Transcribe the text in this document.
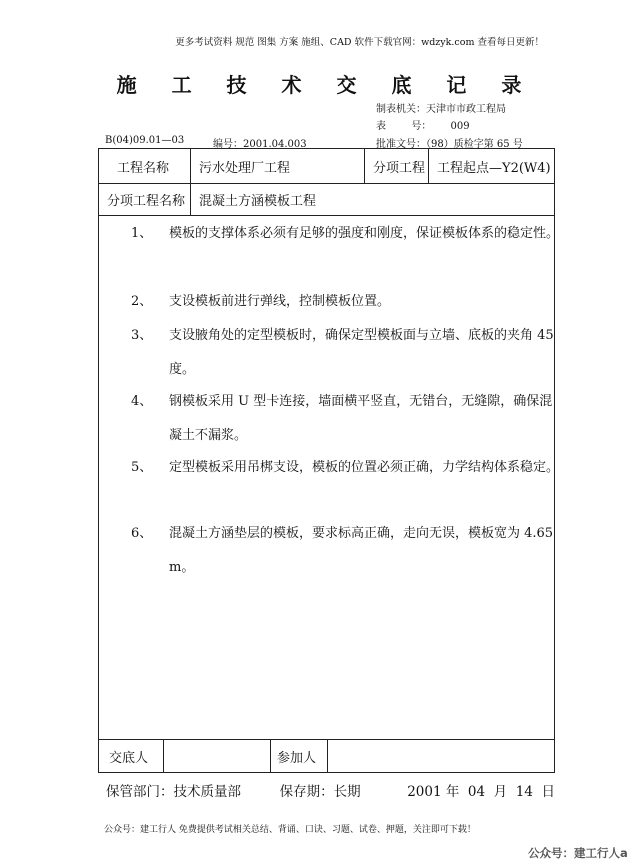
更多考试资料 规范 图集 方案 施组、CAD 软件下载官网：wdzyk.com 查看每日更新！
施 工 技 术 交 底 记 录
制表机关：天津市市政工程局
表        号：      009
B(04)09.01—03	编号：2001.04.003	批准文号：（98）质检字第 65 号
工程名称	污水处理厂工程	分项工程 工程起点—Y2(W4)
分项工程名称	混凝土方涵模板工程
1、	模板的支撑体系必须有足够的强度和刚度，保证模板体系的稳定性。
2、	支设模板前进行弹线，控制模板位置。
3、	支设腋角处的定型模板时，确保定型模板面与立墙、底板的夹角 45 度。
4、	钢模板采用 U 型卡连接，墙面横平竖直，无错台，无缝隙，确保混凝土不漏浆。
5、	定型模板采用吊梆支设，模板的位置必须正确，力学结构体系稳定。
6、	混凝土方涵垫层的模板，要求标高正确，走向无误，模板宽为 4.65 m。
交底人	参加人
保管部门：技术质量部	保存期：长期	2001 年  04  月  14  日
公众号：建工行人 免费提供考试相关总结、背诵、口诀、习题、试卷、押题，关注即可下载！
公众号：建工行人a
